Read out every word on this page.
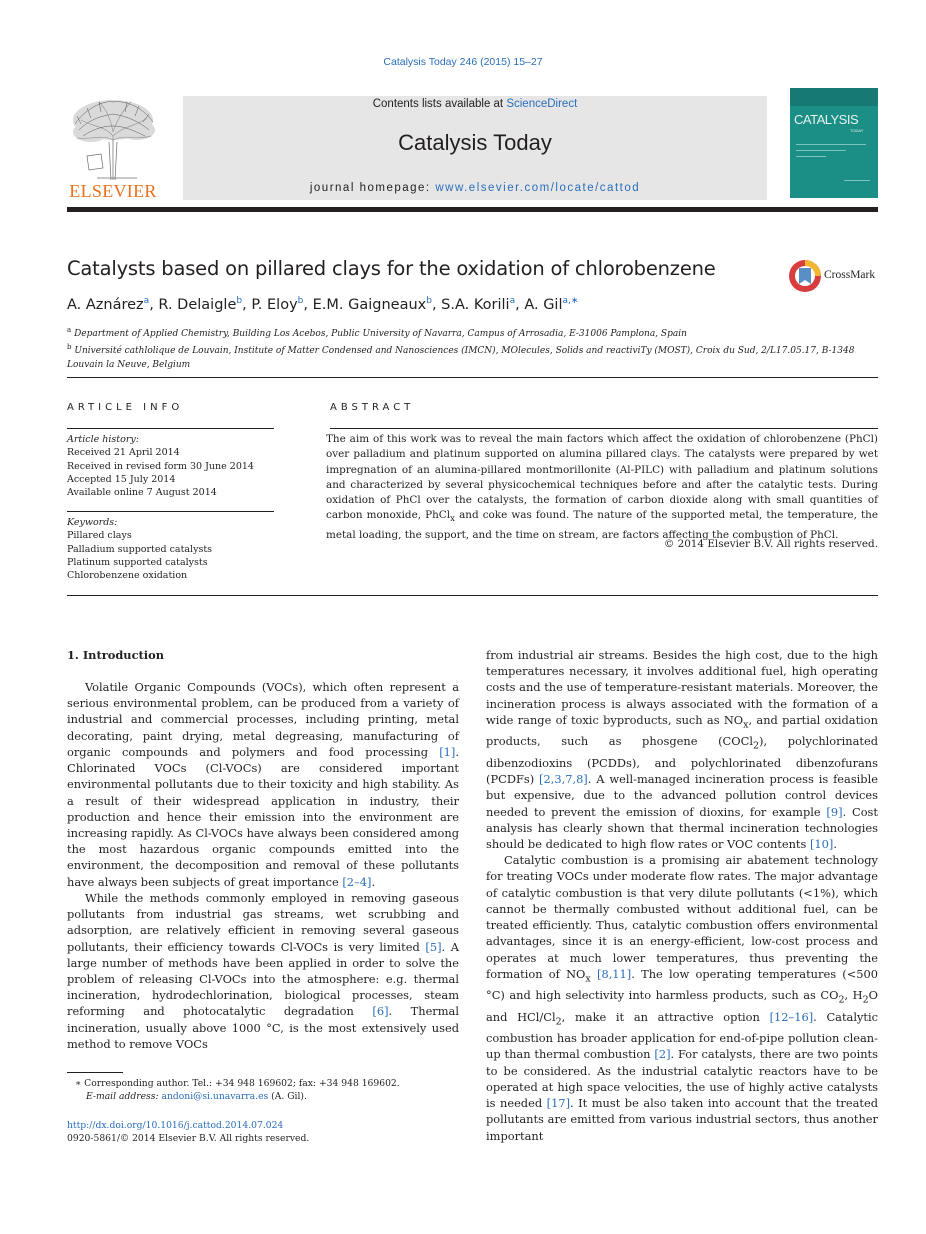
Catalysis Today 246 (2015) 15–27
ELSEVIER
Contents lists available at ScienceDirect
Catalysis Today
journal homepage: www.elsevier.com/locate/cattod
CATALYSIS
TODAY
Catalysts based on pillared clays for the oxidation of chlorobenzene	CrossMark
A. Aznárez$^a$, R. Delaigle$^b$, P. Eloy$^b$, E.M. Gaigneaux$^b$, S.A. Korili$^a$, A. Gil$^{a,∗}$
$^a$ Department of Applied Chemistry, Building Los Acebos, Public University of Navarra, Campus of Arrosadia, E-31006 Pamplona, Spain
$^b$ Université cathlolique de Louvain, Institute of Matter Condensed and Nanosciences (IMCN), MOlecules, Solids and reactiviTy (MOST), Croix du Sud, 2/L17.05.17, B-1348 Louvain la Neuve, Belgium
ARTICLE INFO	ABSTRACT
Article history:
Received 21 April 2014
Received in revised form 30 June 2014
Accepted 15 July 2014
Available online 7 August 2014
Keywords:
Pillared clays
Palladium supported catalysts
Platinum supported catalysts
Chlorobenzene oxidation
The aim of this work was to reveal the main factors which affect the oxidation of chlorobenzene (PhCl) over palladium and platinum supported on alumina pillared clays. The catalysts were prepared by wet impregnation of an alumina-pillared montmorillonite (Al-PILC) with palladium and platinum solutions and characterized by several physicochemical techniques before and after the catalytic tests. During oxidation of PhCl over the catalysts, the formation of carbon dioxide along with small quantities of carbon monoxide, PhCl$_x$ and coke was found. The nature of the supported metal, the temperature, the metal loading, the support, and the time on stream, are factors affecting the combustion of PhCl.
© 2014 Elsevier B.V. All rights reserved.
1. Introduction

Volatile Organic Compounds (VOCs), which often represent a serious environmental problem, can be produced from a variety of industrial and commercial processes, including printing, metal decorating, paint drying, metal degreasing, manufacturing of organic compounds and polymers and food processing [1]. Chlorinated VOCs (Cl-VOCs) are considered important environmental pollutants due to their toxicity and high stability. As a result of their widespread application in industry, their production and hence their emission into the environment are increasing rapidly. As Cl-VOCs have always been considered among the most hazardous organic compounds emitted into the environment, the decomposition and removal of these pollutants have always been subjects of great importance [2–4].

While the methods commonly employed in removing gaseous pollutants from industrial gas streams, wet scrubbing and adsorption, are relatively efficient in removing several gaseous pollutants, their efficiency towards Cl-VOCs is very limited [5]. A large number of methods have been applied in order to solve the problem of releasing Cl-VOCs into the atmosphere: e.g. thermal incineration, hydrodechlorination, biological processes, steam reforming and photocatalytic degradation [6]. Thermal incineration, usually above 1000 °C, is the most extensively used method to remove VOCs

from industrial air streams. Besides the high cost, due to the high temperatures necessary, it involves additional fuel, high operating costs and the use of temperature-resistant materials. Moreover, the incineration process is always associated with the formation of a wide range of toxic byproducts, such as $NO_x$, and partial oxidation products, such as phosgene (COCl$_2$), polychlorinated dibenzodioxins (PCDDs), and polychlorinated dibenzofurans (PCDFs) [2,3,7,8]. A well-managed incineration process is feasible but expensive, due to the advanced pollution control devices needed to prevent the emission of dioxins, for example [9]. Cost analysis has clearly shown that thermal incineration technologies should be dedicated to high flow rates or VOC contents [10].

Catalytic combustion is a promising air abatement technology for treating VOCs under moderate flow rates. The major advantage of catalytic combustion is that very dilute pollutants (<1%), which cannot be thermally combusted without additional fuel, can be treated efficiently. Thus, catalytic combustion offers environmental advantages, since it is an energy-efficient, low-cost process and operates at much lower temperatures, thus preventing the formation of $NO_x$ [8,11]. The low operating temperatures (<500 °C) and high selectivity into harmless products, such as $CO_2$, $H_2O$ and HCl/$Cl_2$, make it an attractive option [12–16]. Catalytic combustion has broader application for end-of-pipe pollution clean-up than thermal combustion [2]. For catalysts, there are two points to be considered. As the industrial catalytic reactors have to be operated at high space velocities, the use of highly active catalysts is needed [17]. It must be also taken into account that the treated pollutants are emitted from various industrial sectors, thus another important

∗ Corresponding author. Tel.: +34 948 169602; fax: +34 948 169602.
E-mail address: andoni@si.unavarra.es (A. Gil).
http://dx.doi.org/10.1016/j.cattod.2014.07.024
0920-5861/© 2014 Elsevier B.V. All rights reserved.
